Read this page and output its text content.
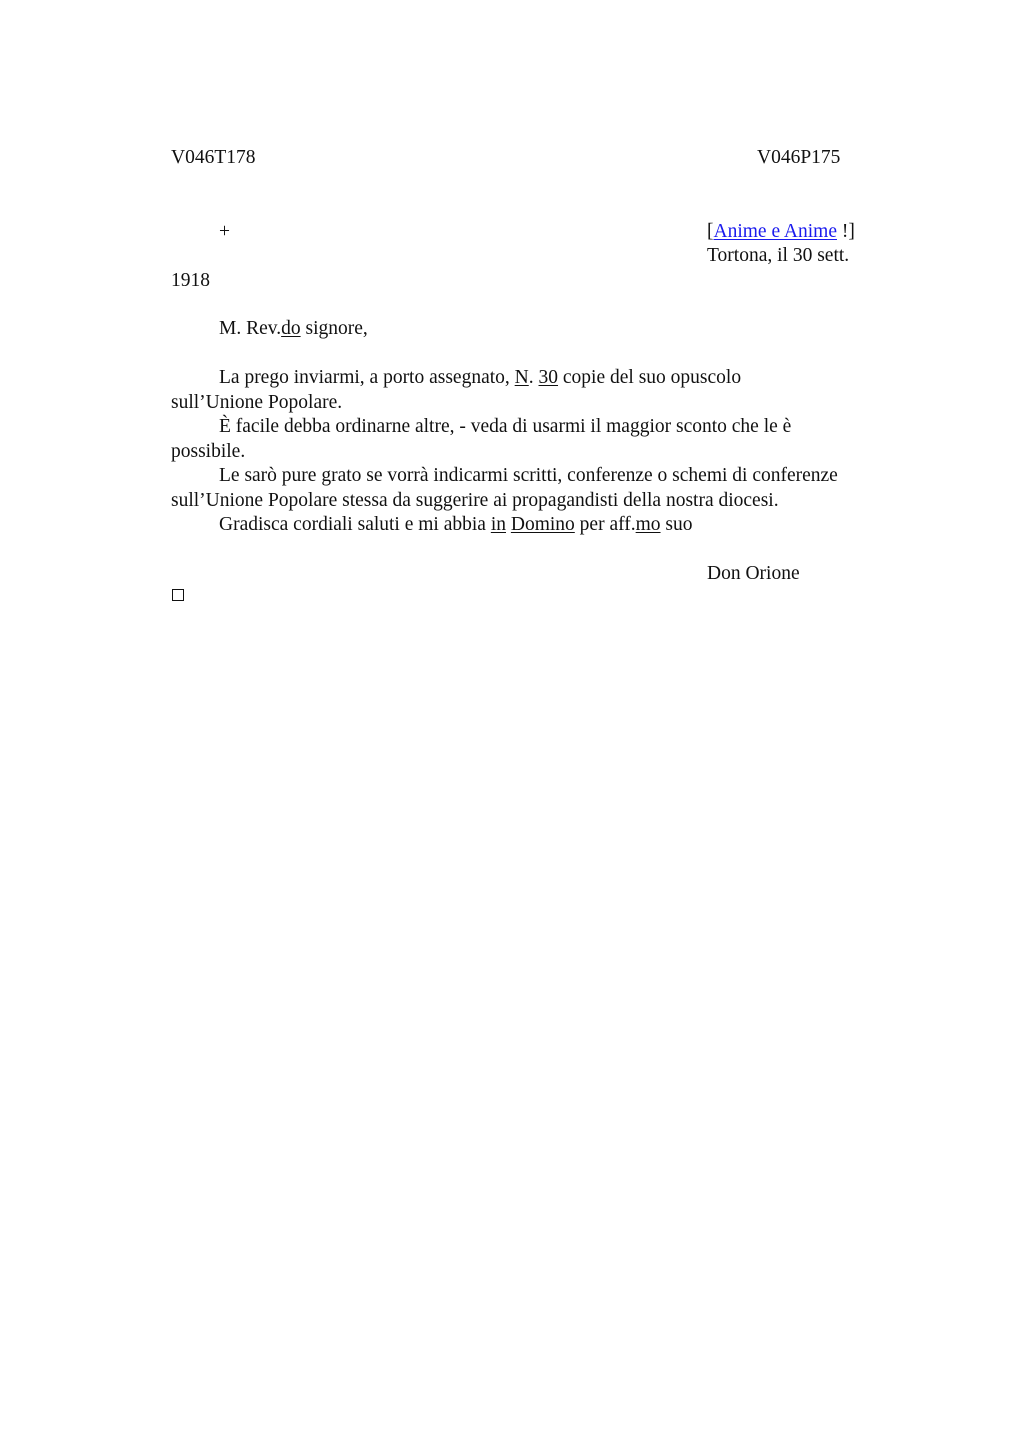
V046T178	V046P175
+	[Anime e Anime !]
Tortona, il 30 sett.
1918
M. Rev.do signore,
La prego inviarmi, a porto assegnato, N. 30 copie del suo opuscolo
sull’Unione Popolare.
È facile debba ordinarne altre, - veda di usarmi il maggior sconto che le è
possibile.
Le sarò pure grato se vorrà indicarmi scritti, conferenze o schemi di conferenze
sull’Unione Popolare stessa da suggerire ai propagandisti della nostra diocesi.
Gradisca cordiali saluti e mi abbia in Domino per aff.mo suo
Don Orione
